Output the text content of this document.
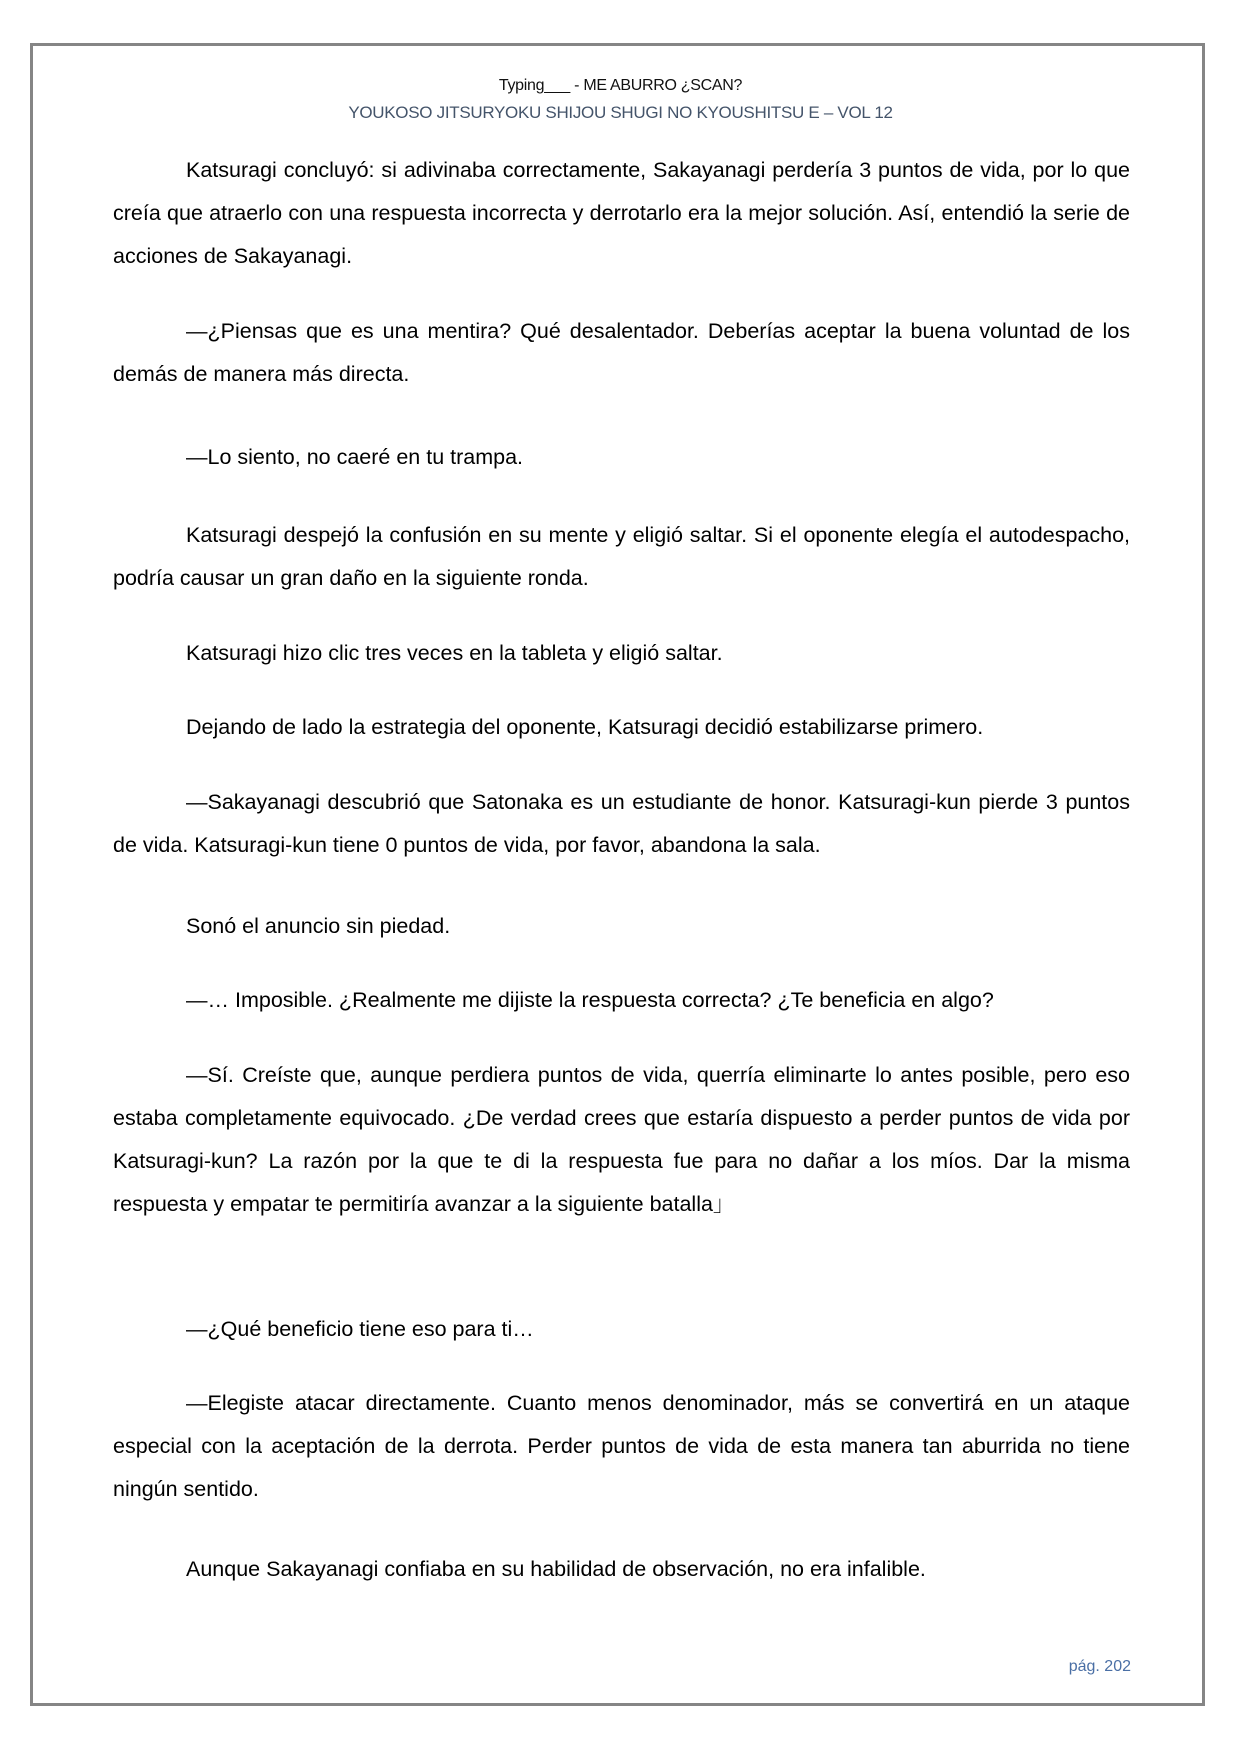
Typing___ - ME ABURRO ¿SCAN?
YOUKOSO JITSURYOKU SHIJOU SHUGI NO KYOUSHITSU E – VOL 12
Katsuragi concluyó: si adivinaba correctamente, Sakayanagi perdería 3 puntos de vida, por lo que creía que atraerlo con una respuesta incorrecta y derrotarlo era la mejor solución. Así, entendió la serie de acciones de Sakayanagi.
—¿Piensas que es una mentira? Qué desalentador. Deberías aceptar la buena voluntad de los demás de manera más directa.
—Lo siento, no caeré en tu trampa.
Katsuragi despejó la confusión en su mente y eligió saltar. Si el oponente elegía el autodespacho, podría causar un gran daño en la siguiente ronda.
Katsuragi hizo clic tres veces en la tableta y eligió saltar.
Dejando de lado la estrategia del oponente, Katsuragi decidió estabilizarse primero.
—Sakayanagi descubrió que Satonaka es un estudiante de honor. Katsuragi-kun pierde 3 puntos de vida. Katsuragi-kun tiene 0 puntos de vida, por favor, abandona la sala.
Sonó el anuncio sin piedad.
—… Imposible. ¿Realmente me dijiste la respuesta correcta? ¿Te beneficia en algo?
—Sí. Creíste que, aunque perdiera puntos de vida, querría eliminarte lo antes posible, pero eso estaba completamente equivocado. ¿De verdad crees que estaría dispuesto a perder puntos de vida por Katsuragi-kun? La razón por la que te di la respuesta fue para no dañar a los míos. Dar la misma respuesta y empatar te permitiría avanzar a la siguiente batalla」
—¿Qué beneficio tiene eso para ti…
—Elegiste atacar directamente. Cuanto menos denominador, más se convertirá en un ataque especial con la aceptación de la derrota. Perder puntos de vida de esta manera tan aburrida no tiene ningún sentido.
Aunque Sakayanagi confiaba en su habilidad de observación, no era infalible.
pág. 202
